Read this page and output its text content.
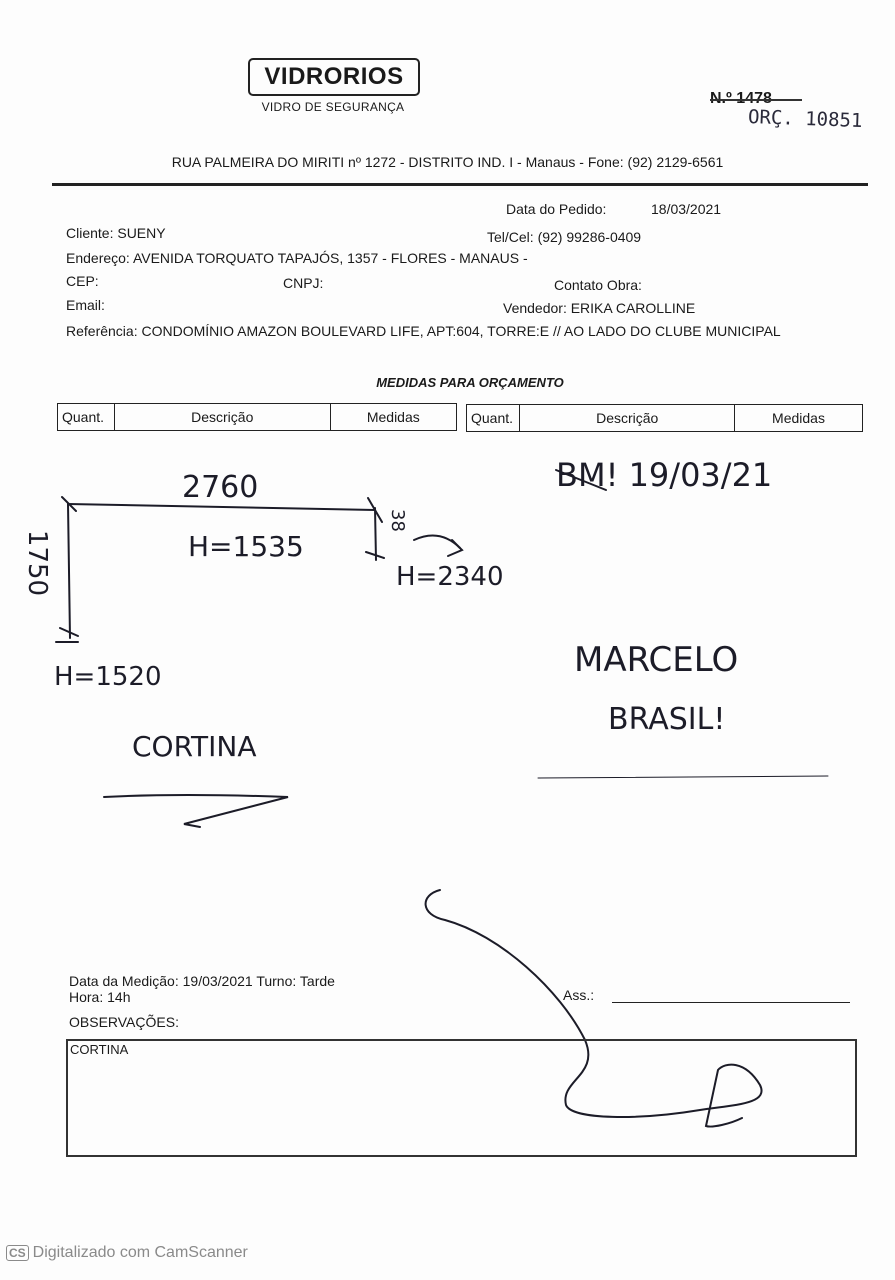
VIDRORIOS
VIDRO DE SEGURANÇA	ORÇ. 10851
RUA PALMEIRA DO MIRITI nº 1272 - DISTRITO IND. I - Manaus - Fone: (92) 2129-6561
Data do Pedido:	18/03/2021
Cliente: SUENY	Tel/Cel: (92) 99286-0409
Endereço: AVENIDA TORQUATO TAPAJÓS, 1357 - FLORES - MANAUS -
CEP:	CNPJ:	Contato Obra:
Email:	Vendedor: ERIKA CAROLLINE
Referência: CONDOMÍNIO AMAZON BOULEVARD LIFE, APT:604, TORRE:E // AO LADO DO CLUBE MUNICIPAL
MEDIDAS PARA ORÇAMENTO
Quant.	Descrição	Medidas	Quant.	Descrição	Medidas
2760
H=1535
38
H=2340
1750
H=1520
CORTINA
BM! 19/03/21
MARCELO
BRASIL!
Data da Medição: 19/03/2021 Turno: Tarde
Hora: 14h
OBSERVAÇÕES:
Ass.:
CORTINA
CS Digitalizado com CamScanner
